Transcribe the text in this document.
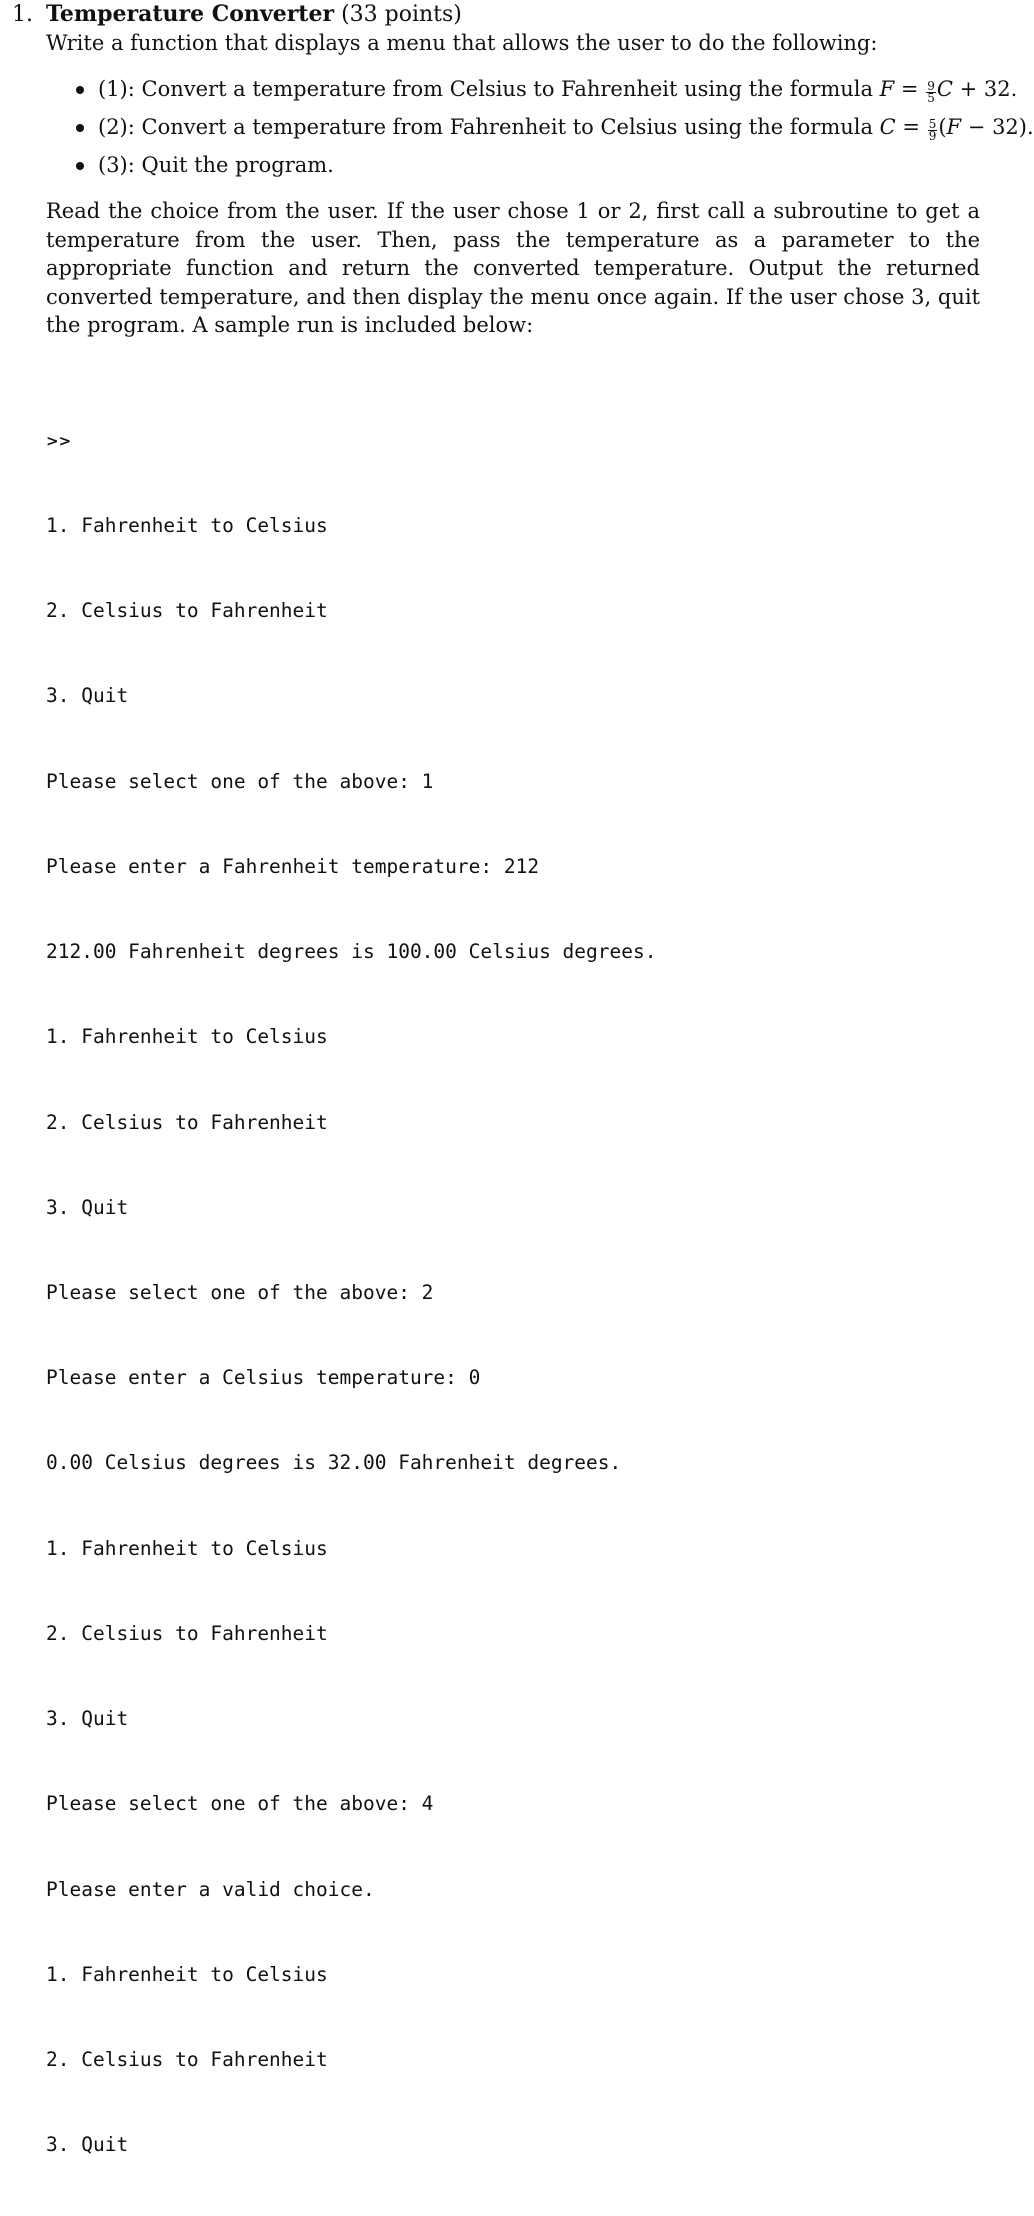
1. Temperature Converter (33 points)
Write a function that displays a menu that allows the user to do the following:
(1): Convert a temperature from Celsius to Fahrenheit using the formula $F = \frac{9}{5}$ C + 32.
(2): Convert a temperature from Fahrenheit to Celsius using the formula $C = \frac{5}{9} (F - 32)$.
(3): Quit the program.
Read the choice from the user. If the user chose 1 or 2, first call a subroutine to get a temperature from the user. Then, pass the temperature as a parameter to the appropriate function and return the converted temperature. Output the returned converted temperature, and then display the menu once again. If the user chose 3, quit the program. A sample run is included below:

>>

1. Fahrenheit to Celsius

2. Celsius to Fahrenheit

3. Quit

Please select one of the above: 1

Please enter a Fahrenheit temperature: 212

212.00 Fahrenheit degrees is 100.00 Celsius degrees.

1. Fahrenheit to Celsius

2. Celsius to Fahrenheit

3. Quit

Please select one of the above: 2

Please enter a Celsius temperature: 0

0.00 Celsius degrees is 32.00 Fahrenheit degrees.

1. Fahrenheit to Celsius

2. Celsius to Fahrenheit

3. Quit

Please select one of the above: 4

Please enter a valid choice.

1. Fahrenheit to Celsius

2. Celsius to Fahrenheit

3. Quit
